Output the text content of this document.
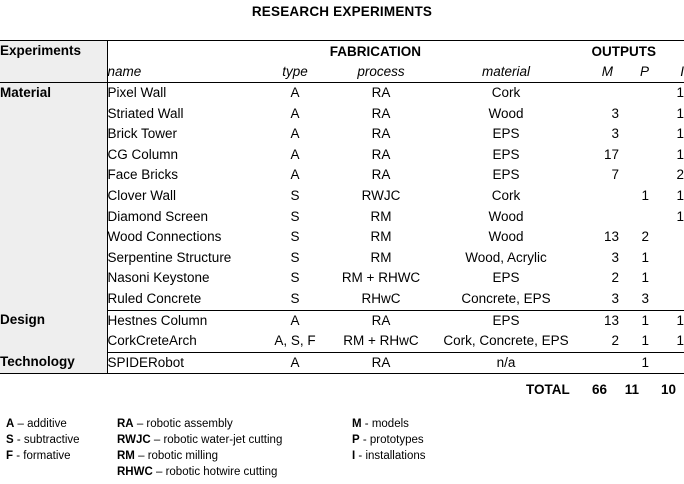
RESEARCH EXPERIMENTS
Experiments		FABRICATION			OUTPUTS		
	name	type	process	material	M	P	I
Material	Pixel Wall	A	RA	Cork			1
	Striated Wall	A	RA	Wood	3		1
	Brick Tower	A	RA	EPS	3		1
	CG Column	A	RA	EPS	17		1
	Face Bricks	A	RA	EPS	7		2
	Clover Wall	S	RWJC	Cork		1	1
	Diamond Screen	S	RM	Wood			1
	Wood Connections	S	RM	Wood	13	2	
	Serpentine Structure	S	RM	Wood, Acrylic	3	1	
	Nasoni Keystone	S	RM + RHWC	EPS	2	1	
	Ruled Concrete	S	RHwC	Concrete, EPS	3	3	
Design	Hestnes Column	A	RA	EPS	13	1	1
	CorkCreteArch	A, S, F	RM + RHwC	Cork, Concrete, EPS	2	1	1
Technology	SPIDERobot	A	RA	n/a		1	
TOTAL	66	11	10
A – additive
S - subtractive
F - formative
RA – robotic assembly
RWJC – robotic water-jet cutting
RM – robotic milling
RHWC – robotic hotwire cutting
M - models
P - prototypes
I - installations
